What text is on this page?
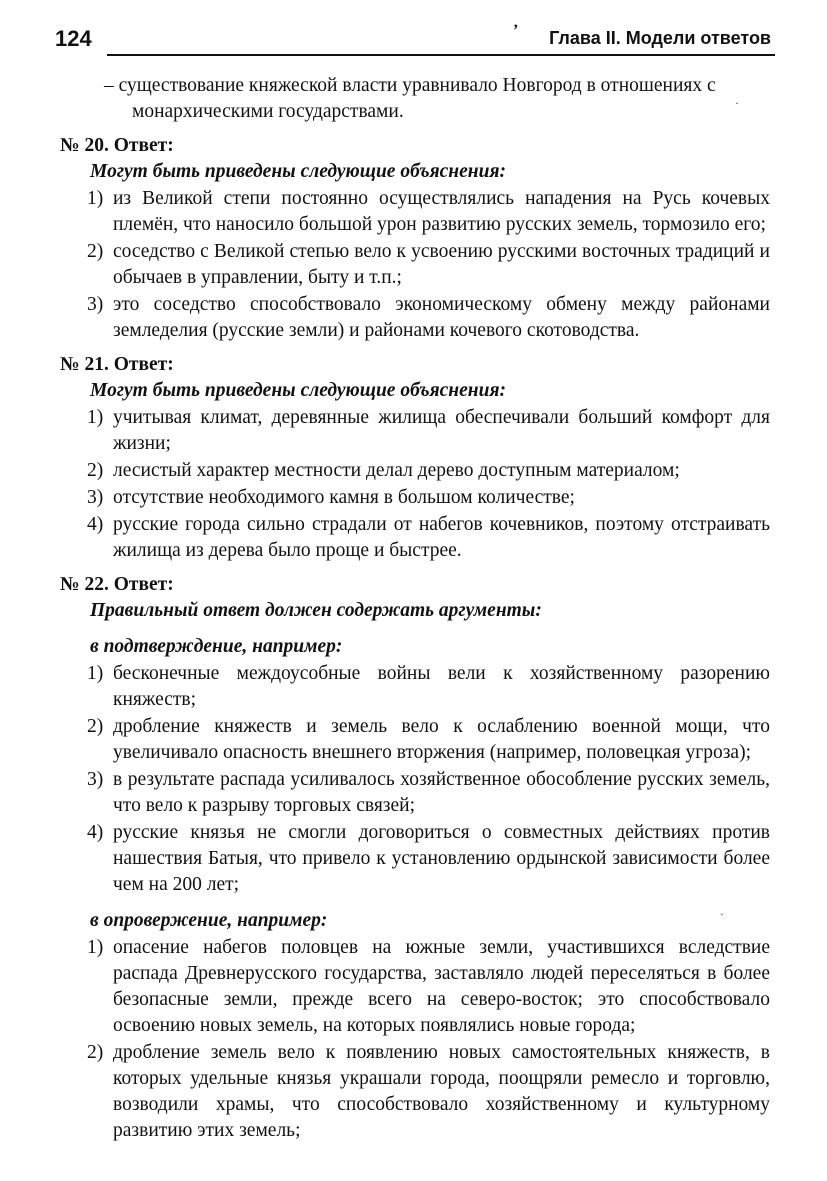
124	ʼ Глава II. Модели ответов
– существование княжеской власти уравнивало Новгород в отношениях с монархическими государствами.
№ 20. Ответ:
Могут быть приведены следующие объяснения:
1) из Великой степи постоянно осуществлялись нападения на Русь кочевых племён, что наносило большой урон развитию русских земель, тормозило его;
2) соседство с Великой степью вело к усвоению русскими восточных традиций и обычаев в управлении, быту и т.п.;
3) это соседство способствовало экономическому обмену между районами земледелия (русские земли) и районами кочевого скотоводства.
№ 21. Ответ:
Могут быть приведены следующие объяснения:
1) учитывая климат, деревянные жилища обеспечивали больший комфорт для жизни;
2) лесистый характер местности делал дерево доступным материалом;
3) отсутствие необходимого камня в большом количестве;
4) русские города сильно страдали от набегов кочевников, поэтому отстраивать жилища из дерева было проще и быстрее.
№ 22. Ответ:
Правильный ответ должен содержать аргументы:
в подтверждение, например:
1) бесконечные междоусобные войны вели к хозяйственному разорению княжеств;
2) дробление княжеств и земель вело к ослаблению военной мощи, что увеличивало опасность внешнего вторжения (например, половецкая угроза);
3) в результате распада усиливалось хозяйственное обособление русских земель, что вело к разрыву торговых связей;
4) русские князья не смогли договориться о совместных действиях против нашествия Батыя, что привело к установлению ордынской зависимости более чем на 200 лет;
в опровержение, например:
1) опасение набегов половцев на южные земли, участившихся вследствие распада Древнерусского государства, заставляло людей переселяться в более безопасные земли, прежде всего на северо-восток; это способствовало освоению новых земель, на которых появлялись новые города;
2) дробление земель вело к появлению новых самостоятельных княжеств, в которых удельные князья украшали города, поощряли ремесло и торговлю, возводили храмы, что способствовало хозяйственному и культурному развитию этих земель;
·
ˎ
